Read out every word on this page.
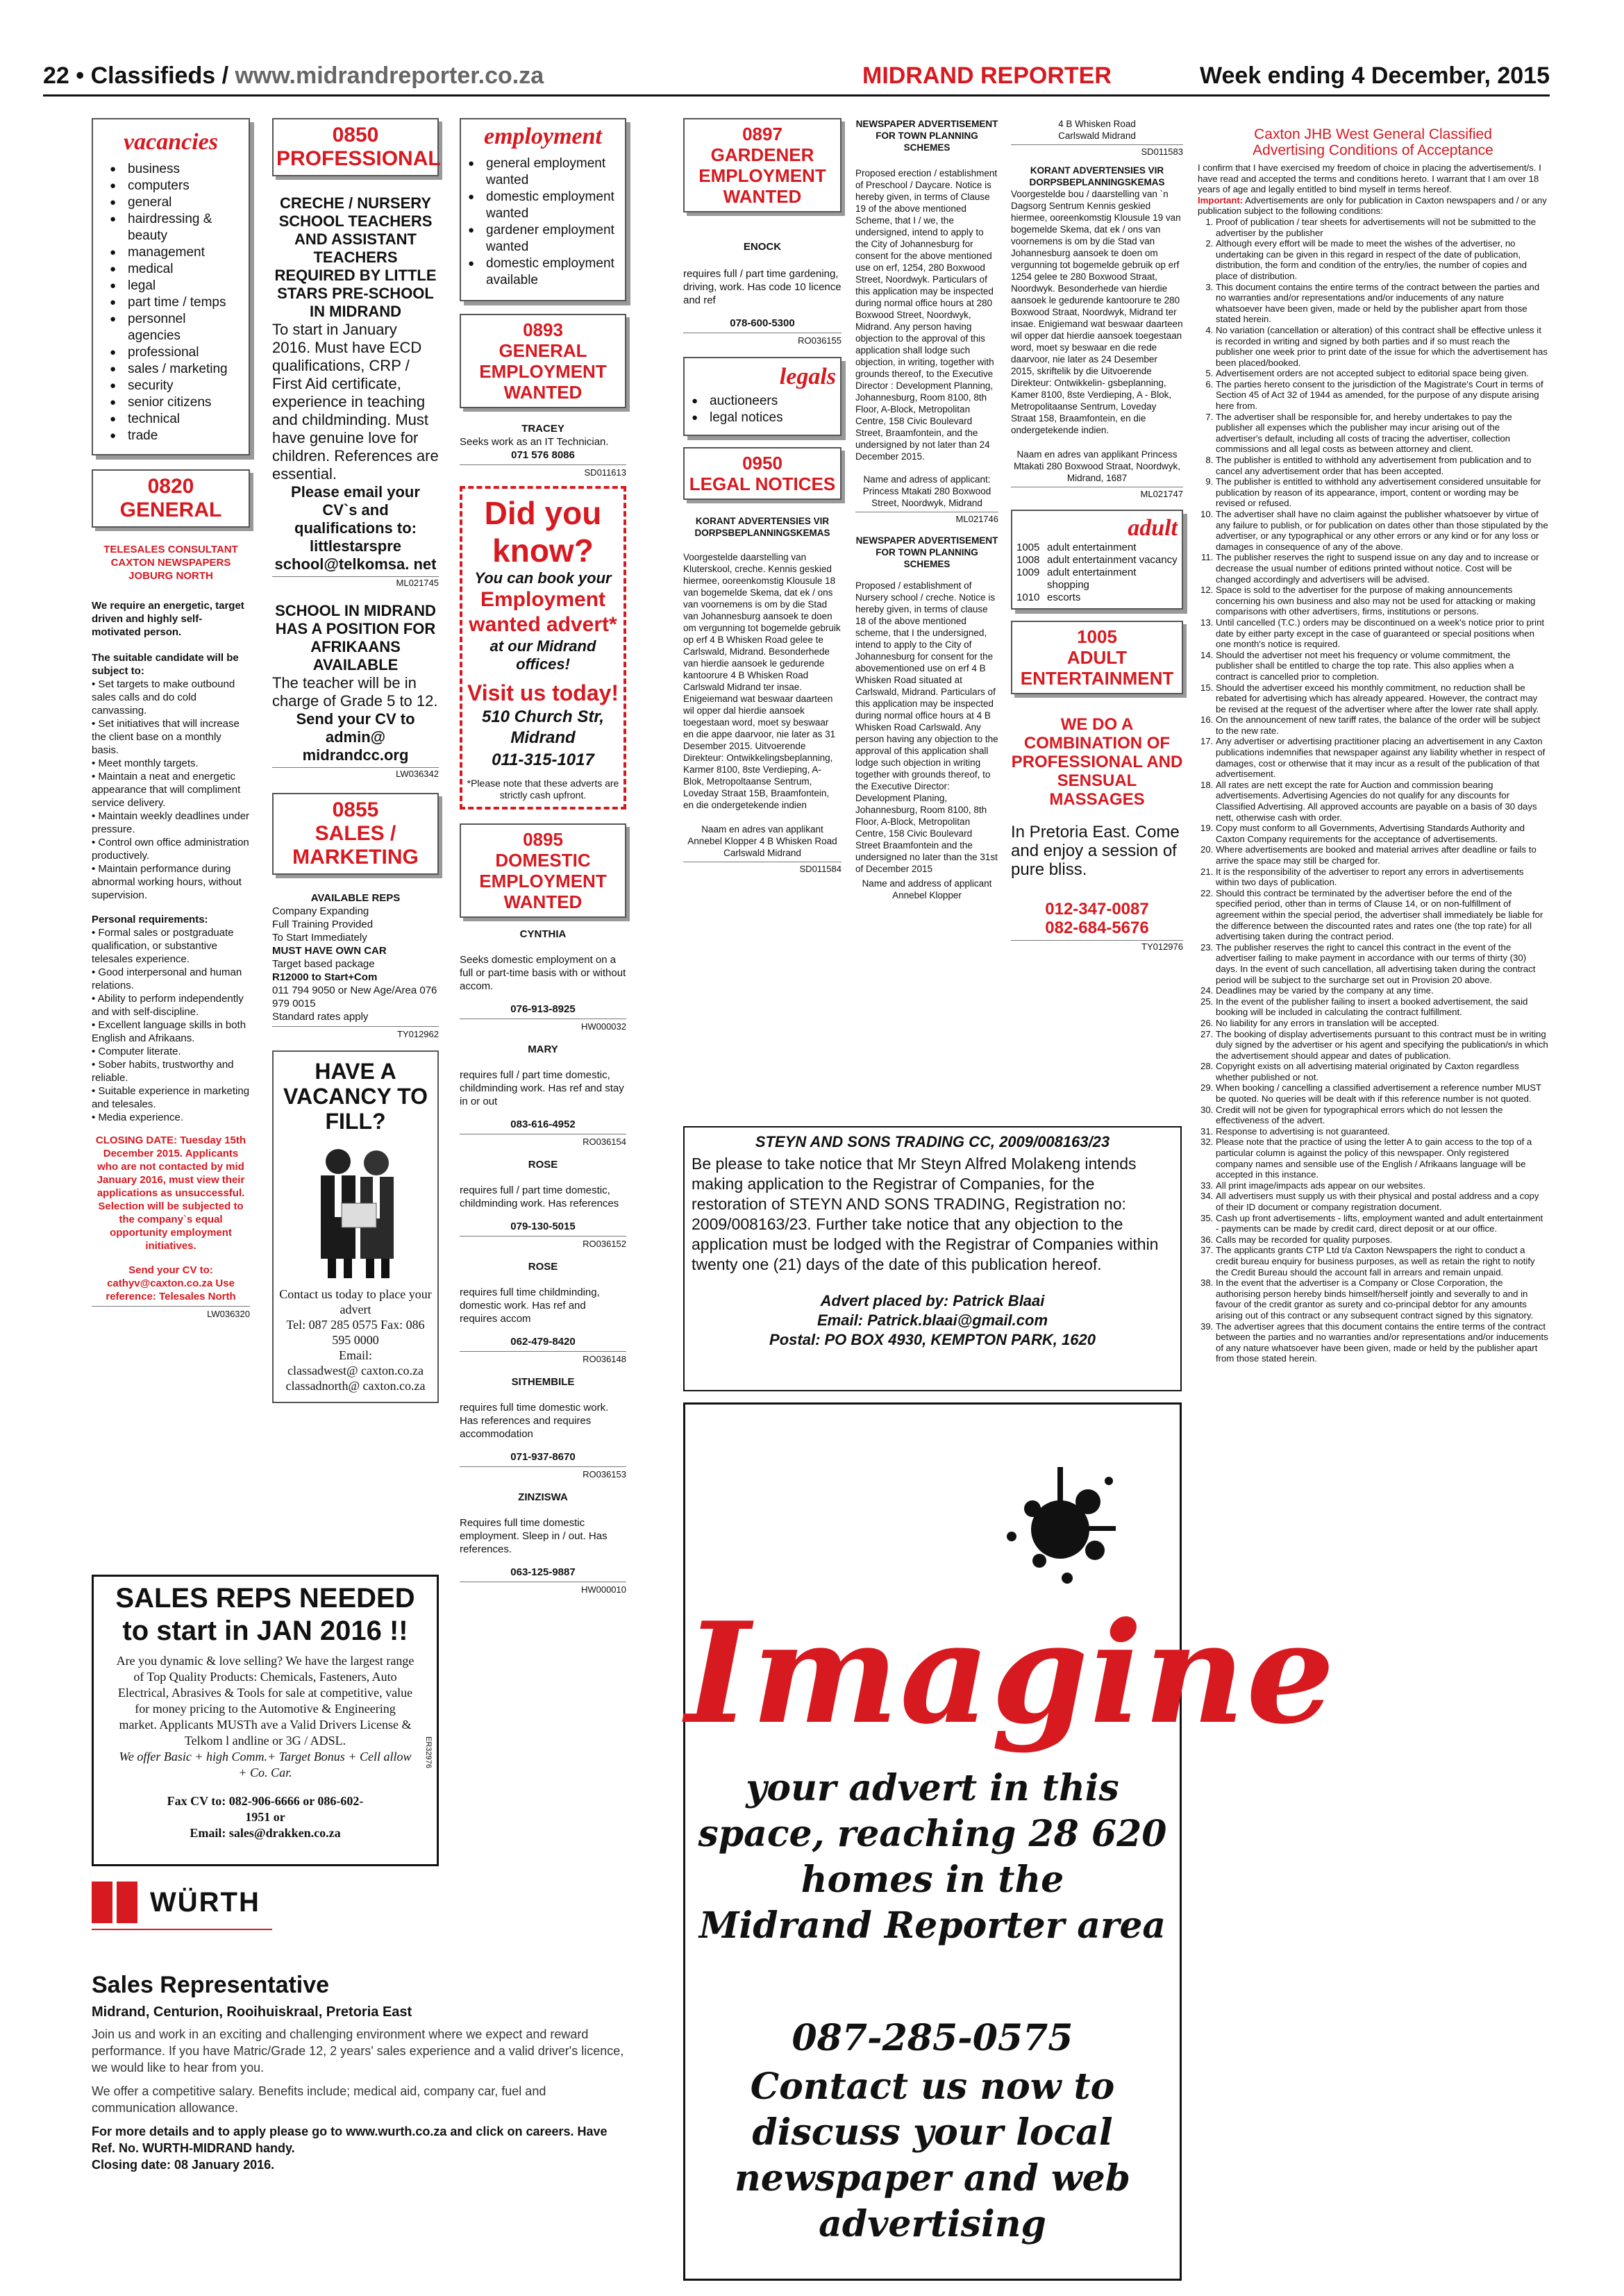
22 • Classifieds / www.midrandreporter.co.za	MIDRAND REPORTER	Week ending 4 December, 2015
vacancies
● business
● computers
● general
● hairdressing & beauty
● management
● medical
● legal
● part time / temps
● personnel agencies
● professional
● sales / marketing
● security
● senior citizens
● technical
● trade
0820
GENERAL
TELESALES CONSULTANT CAXTON NEWSPAPERS JOBURG NORTH
We require an energetic, target driven and highly self- motivated person.
The suitable candidate will be subject to:
• Set targets to make outbound sales calls and do cold canvassing.
• Set initiatives that will increase the client base on a monthly basis.
• Meet monthly targets.
• Maintain a neat and energetic appearance that will compliment service delivery.
• Maintain weekly deadlines under pressure.
• Control own office administration productively.
• Maintain performance during abnormal working hours, without supervision.
Personal requirements:
• Formal sales or postgraduate qualification, or substantive telesales experience.
• Good interpersonal and human relations.
• Ability to perform independently and with self-discipline.
• Excellent language skills in both English and Afrikaans.
• Computer literate.
• Sober habits, trustworthy and reliable.
• Suitable experience in marketing and telesales.
• Media experience.
CLOSING DATE: Tuesday 15th December 2015. Applicants who are not contacted by mid January 2016, must view their applications as unsuccessful. Selection will be subjected to the company`s equal opportunity employment initiatives.
Send your CV to: cathyv@caxton.co.za Use reference: Telesales North
LW036320
0850
PROFESSIONAL
CRECHE / NURSERY SCHOOL TEACHERS AND ASSISTANT TEACHERS REQUIRED BY LITTLE STARS PRE-SCHOOL IN MIDRAND
To start in January 2016. Must have ECD qualifications, CRP / First Aid certificate, experience in teaching and childminding. Must have genuine love for children. References are essential.
Please email your CV`s and qualifications to: littlestarspre school@telkomsa. net
ML021745
SCHOOL IN MIDRAND HAS A POSITION FOR AFRIKAANS AVAILABLE
The teacher will be in charge of Grade 5 to 12.
Send your CV to admin@ midrandcc.org
LW036342
0855
SALES / MARKETING
AVAILABLE REPS
Company Expanding
Full Training Provided
To Start Immediately
MUST HAVE OWN CAR
Target based package
R12000 to Start+Com
011 794 9050 or New Age/Area 076 979 0015
Standard rates apply
TY012962
HAVE A VACANCY TO FILL?
Contact us today to place your advert
Tel: 087 285 0575 Fax: 086 595 0000
Email:
classadwest@ caxton.co.za
classadnorth@ caxton.co.za
employment
● general employment wanted
● domestic employment wanted
● gardener employment wanted
● domestic employment available
0893
GENERAL
EMPLOYMENT
WANTED
TRACEY
Seeks work as an IT Technician.
071 576 8086
SD011613
Did you know?
You can book your
Employment wanted advert*
at our Midrand offices!
Visit us today!
510 Church Str, Midrand
011-315-1017
*Please note that these adverts are strictly cash upfront.
0895
DOMESTIC
EMPLOYMENT
WANTED
CYNTHIA
Seeks domestic employment on a full or part-time basis with or without accom.
076-913-8925
HW000032
MARY
requires full / part time domestic, childminding work. Has ref and stay in or out
083-616-4952
RO036154
ROSE
requires full / part time domestic, childminding work. Has references
079-130-5015
RO036152
ROSE
requires full time childminding, domestic work. Has ref and requires accom
062-479-8420
RO036148
SITHEMBILE
requires full time domestic work. Has references and requires accommodation
071-937-8670
RO036153
ZINZISWA
Requires full time domestic employment. Sleep in / out. Has references.
063-125-9887
HW000010
SALES REPS NEEDED
to start in JAN 2016 !!
Are you dynamic & love selling? We have the largest range of Top Quality Products: Chemicals, Fasteners, Auto Electrical, Abrasives & Tools for sale at competitive, value for money pricing to the Automotive & Engineering market. Applicants MUSTh ave a Valid Drivers License & Telkom l andline or 3G / ADSL.
We offer Basic + high Comm.+ Target Bonus + Cell allow + Co. Car.
Fax CV to: 082-906-6666 or 086-602-1951 or
Email: sales@drakken.co.za
ER32976
WÜRTH
Sales Representative
Midrand, Centurion, Rooihuiskraal, Pretoria East
Join us and work in an exciting and challenging environment where we expect and reward performance. If you have Matric/Grade 12, 2 years' sales experience and a valid driver's licence, we would like to hear from you.
We offer a competitive salary. Benefits include; medical aid, company car, fuel and communication allowance.
For more details and to apply please go to www.wurth.co.za and click on careers. Have Ref. No. WURTH-MIDRAND handy.
Closing date: 08 January 2016.
0897
GARDENER
EMPLOYMENT
WANTED
ENOCK
requires full / part time gardening, driving, work. Has code 10 licence and ref
078-600-5300
RO036155
legals
● auctioneers
● legal notices
0950
LEGAL NOTICES
KORANT ADVERTENSIES VIR DORPSBEPLANNINGSKEMAS
Voorgestelde daarstelling van Kluterskool, creche. Kennis geskied hiermee, ooreenkomstig Klousule 18 van bogemelde Skema, dat ek / ons van voornemens is om by die Stad van Johannesburg aansoek te doen om vergunning tot bogemelde gebruik op erf 4 B Whisken Road gelee te Carlswald, Midrand. Besonderhede van hierdie aansoek le gedurende kantoorure 4 B Whisken Road Carlswald Midrand ter insae. Enigeiemand wat beswaar daarteen wil opper dal hierdie aansoek toegestaan word, moet sy beswaar en die appe daarvoor, nie later as 31 Desember 2015. Uitvoerende Direkteur: Ontwikkelingsbeplanning, Karmer 8100, 8ste Verdieping, A-Blok, Metropoltaanse Sentrum, Loveday Straat 15B, Braamfontein, en die ondergetekende indien
Naam en adres van applikant Annebel Klopper 4 B Whisken Road Carlswald Midrand
SD011584
NEWSPAPER ADVERTISEMENT FOR TOWN PLANNING SCHEMES
Proposed erection / establishment of Preschool / Daycare. Notice is hereby given, in terms of Clause 19 of the above mentioned Scheme, that I / we, the undersigned, intend to apply to the City of Johannesburg for consent for the above mentioned use on erf, 1254, 280 Boxwood Street, Noordwyk. Particulars of this application may be inspected during normal office hours at 280 Boxwood Street, Noordwyk, Midrand. Any person having objection to the approval of this application shall lodge such objection, in writing, together with grounds thereof, to the Executive Director : Development Planning, Johannesburg, Room 8100, 8th Floor, A-Block, Metropolitan Centre, 158 Civic Boulevard Street, Braamfontein, and the undersigned by not later than 24 December 2015.
Name and adress of applicant: Princess Mtakati 280 Boxwood Street, Noordwyk, Midrand
ML021746
NEWSPAPER ADVERTISEMENT FOR TOWN PLANNING SCHEMES
Proposed / establishment of Nursery school / creche. Notice is hereby given, in terms of clause 18 of the above mentioned scheme, that I the undersigned, intend to apply to the City of Johannesburg for consent for the abovementioned use on erf 4 B Whisken Road situated at Carlswald, Midrand. Particulars of this application may be inspected during normal office hours at 4 B Whisken Road Carlswald. Any person having any objection to the approval of this application shall lodge such objection in writing together with grounds thereof, to the Executive Director: Development Planing, Johannesburg, Room 8100, 8th Floor, A-Block, Metropolitan Centre, 158 Civic Boulevard Street Braamfontein and the undersigned no later than the 31st of December 2015
Name and address of applicant Annebel Klopper
4 B Whisken Road Carlswald Midrand
SD011583
KORANT ADVERTENSIES VIR DORPSBEPLANNINGSKEMAS
Voorgestelde bou / daarstelling van `n Dagsorg Sentrum Kennis geskied hiermee, ooreenkomstig Klousule 19 van bogemelde Skema, dat ek / ons van voornemens is om by die Stad van Johannesburg aansoek te doen om vergunning tot bogemelde gebruik op erf 1254 gelee te 280 Boxwood Straat, Noordwyk. Besonderhede van hierdie aansoek le gedurende kantoorure te 280 Boxwood Straat, Noordwyk, Midrand ter insae. Enigiemand wat beswaar daarteen wil opper dat hierdie aansoek toegestaan word, moet sy beswaar en die rede daarvoor, nie later as 24 Desember 2015, skriftelik by die Uitvoerende Direkteur: Ontwikkelin- gsbeplanning, Kamer 8100, 8ste Verdieping, A - Blok, Metropolitaanse Sentrum, Loveday Straat 158, Braamfontein, en die ondergetekende indien.
Naam en adres van applikant Princess Mtakati 280 Boxwood Straat, Noordwyk, Midrand, 1687
ML021747
adult
1005 adult entertainment
1008 adult entertainment vacancy
1009 adult entertainment shopping
1010 escorts
1005
ADULT
ENTERTAINMENT
WE DO A COMBINATION OF PROFESSIONAL AND SENSUAL MASSAGES
In Pretoria East. Come and enjoy a session of pure bliss.
012-347-0087
082-684-5676
TY012976
STEYN AND SONS TRADING CC, 2009/008163/23
Be please to take notice that Mr Steyn Alfred Molakeng intends making application to the Registrar of Companies, for the restoration of STEYN AND SONS TRADING, Registration no: 2009/008163/23. Further take notice that any objection to the application must be lodged with the Registrar of Companies within twenty one (21) days of the date of this publication hereof.
Advert placed by: Patrick Blaai
Email: Patrick.blaai@gmail.com
Postal: PO BOX 4930, KEMPTON PARK, 1620
Imagine
your advert in this
space, reaching 28 620
homes in the
Midrand Reporter area
087-285-0575
Contact us now to
discuss your local
newspaper and web
advertising
Caxton JHB West General Classified
Advertising Conditions of Acceptance
I confirm that I have exercised my freedom of choice in placing the advertisement/s. I have read and accepted the terms and conditions hereto. I warrant that I am over 18 years of age and legally entitled to bind myself in terms hereof.
Important: Advertisements are only for publication in Caxton newspapers and / or any publication subject to the following conditions:
1. Proof of publication / tear sheets for advertisements will not be submitted to the advertiser by the publisher
2. Although every effort will be made to meet the wishes of the advertiser, no undertaking can be given in this regard in respect of the date of publication, distribution, the form and condition of the entry/ies, the number of copies and place of distribution.
3. This document contains the entire terms of the contract between the parties and no warranties and/or representations and/or inducements of any nature whatsoever have been given, made or held by the publisher apart from those stated herein.
4. No variation (cancellation or alteration) of this contract shall be effective unless it is recorded in writing and signed by both parties and if so must reach the publisher one week prior to print date of the issue for which the advertisement has been placed/booked.
5. Advertisement orders are not accepted subject to editorial space being given.
6. The parties hereto consent to the jurisdiction of the Magistrate's Court in terms of Section 45 of Act 32 of 1944 as amended, for the purpose of any dispute arising here from.
7. The advertiser shall be responsible for, and hereby undertakes to pay the publisher all expenses which the publisher may incur arising out of the advertiser's default, including all costs of tracing the advertiser, collection commissions and all legal costs as between attorney and client.
8. The publisher is entitled to withhold any advertisement from publication and to cancel any advertisement order that has been accepted.
9. The publisher is entitled to withhold any advertisement considered unsuitable for publication by reason of its appearance, import, content or wording may be revised or refused.
10. The advertiser shall have no claim against the publisher whatsoever by virtue of any failure to publish, or for publication on dates other than those stipulated by the advertiser, or any typographical or any other errors or any kind or for any loss or damages in consequence of any of the above.
11. The publisher reserves the right to suspend issue on any day and to increase or decrease the usual number of editions printed without notice. Cost will be changed accordingly and advertisers will be advised.
12. Space is sold to the advertiser for the purpose of making announcements concerning his own business and also may not be used for attacking or making comparisons with other advertisers, firms, institutions or persons.
13. Until cancelled (T.C.) orders may be discontinued on a week's notice prior to print date by either party except in the case of guaranteed or special positions when one month's notice is required.
14. Should the advertiser not meet his frequency or volume commitment, the publisher shall be entitled to charge the top rate. This also applies when a contract is cancelled prior to completion.
15. Should the advertiser exceed his monthly commitment, no reduction shall be rebated for advertising which has already appeared. However, the contract may be revised at the request of the advertiser where after the lower rate shall apply.
16. On the announcement of new tariff rates, the balance of the order will be subject to the new rate.
17. Any advertiser or advertising practitioner placing an advertisement in any Caxton publications indemnifies that newspaper against any liability whether in respect of damages, cost or otherwise that it may incur as a result of the publication of that advertisement.
18. All rates are nett except the rate for Auction and commission bearing advertisements. Advertising Agencies do not qualify for any discounts for Classified Advertising. All approved accounts are payable on a basis of 30 days nett, otherwise cash with order.
19. Copy must conform to all Governments, Advertising Standards Authority and Caxton Company requirements for the acceptance of advertisements.
20. Where advertisements are booked and material arrives after deadline or fails to arrive the space may still be charged for.
21. It is the responsibility of the advertiser to report any errors in advertisements within two days of publication.
22. Should this contract be terminated by the advertiser before the end of the specified period, other than in terms of Clause 14, or on non-fulfillment of agreement within the special period, the advertiser shall immediately be liable for the difference between the discounted rates and rates one (the top rate) for all advertising taken during the contract period.
23. The publisher reserves the right to cancel this contract in the event of the advertiser failing to make payment in accordance with our terms of thirty (30) days. In the event of such cancellation, all advertising taken during the contract period will be subject to the surcharge set out in Provision 20 above.
24. Deadlines may be varied by the company at any time.
25. In the event of the publisher failing to insert a booked advertisement, the said booking will be included in calculating the contract fulfillment.
26. No liability for any errors in translation will be accepted.
27. The booking of display advertisements pursuant to this contract must be in writing duly signed by the advertiser or his agent and specifying the publication/s in which the advertisement should appear and dates of publication.
28. Copyright exists on all advertising material originated by Caxton regardless whether published or not.
29. When booking / cancelling a classified advertisement a reference number MUST be quoted. No queries will be dealt with if this reference number is not quoted.
30. Credit will not be given for typographical errors which do not lessen the effectiveness of the advert.
31. Response to advertising is not guaranteed.
32. Please note that the practice of using the letter A to gain access to the top of a particular column is against the policy of this newspaper. Only registered company names and sensible use of the English / Afrikaans language will be accepted in this instance.
33. All print image/impacts ads appear on our websites.
34. All advertisers must supply us with their physical and postal address and a copy of their ID document or company registration document.
35. Cash up front advertisements - lifts, employment wanted and adult entertainment - payments can be made by credit card, direct deposit or at our office.
36. Calls may be recorded for quality purposes.
37. The applicants grants CTP Ltd t/a Caxton Newspapers the right to conduct a credit bureau enquiry for business purposes, as well as retain the right to notify the Credit Bureau should the account fall in arrears and remain unpaid.
38. In the event that the advertiser is a Company or Close Corporation, the authorising person hereby binds himself/herself jointly and severally to and in favour of the credit grantor as surety and co-principal debtor for any amounts arising out of this contract or any subsequent contract signed by this signatory.
39. The advertiser agrees that this document contains the entire terms of the contract between the parties and no warranties and/or representations and/or inducements of any nature whatsoever have been given, made or held by the publisher apart from those stated herein.
